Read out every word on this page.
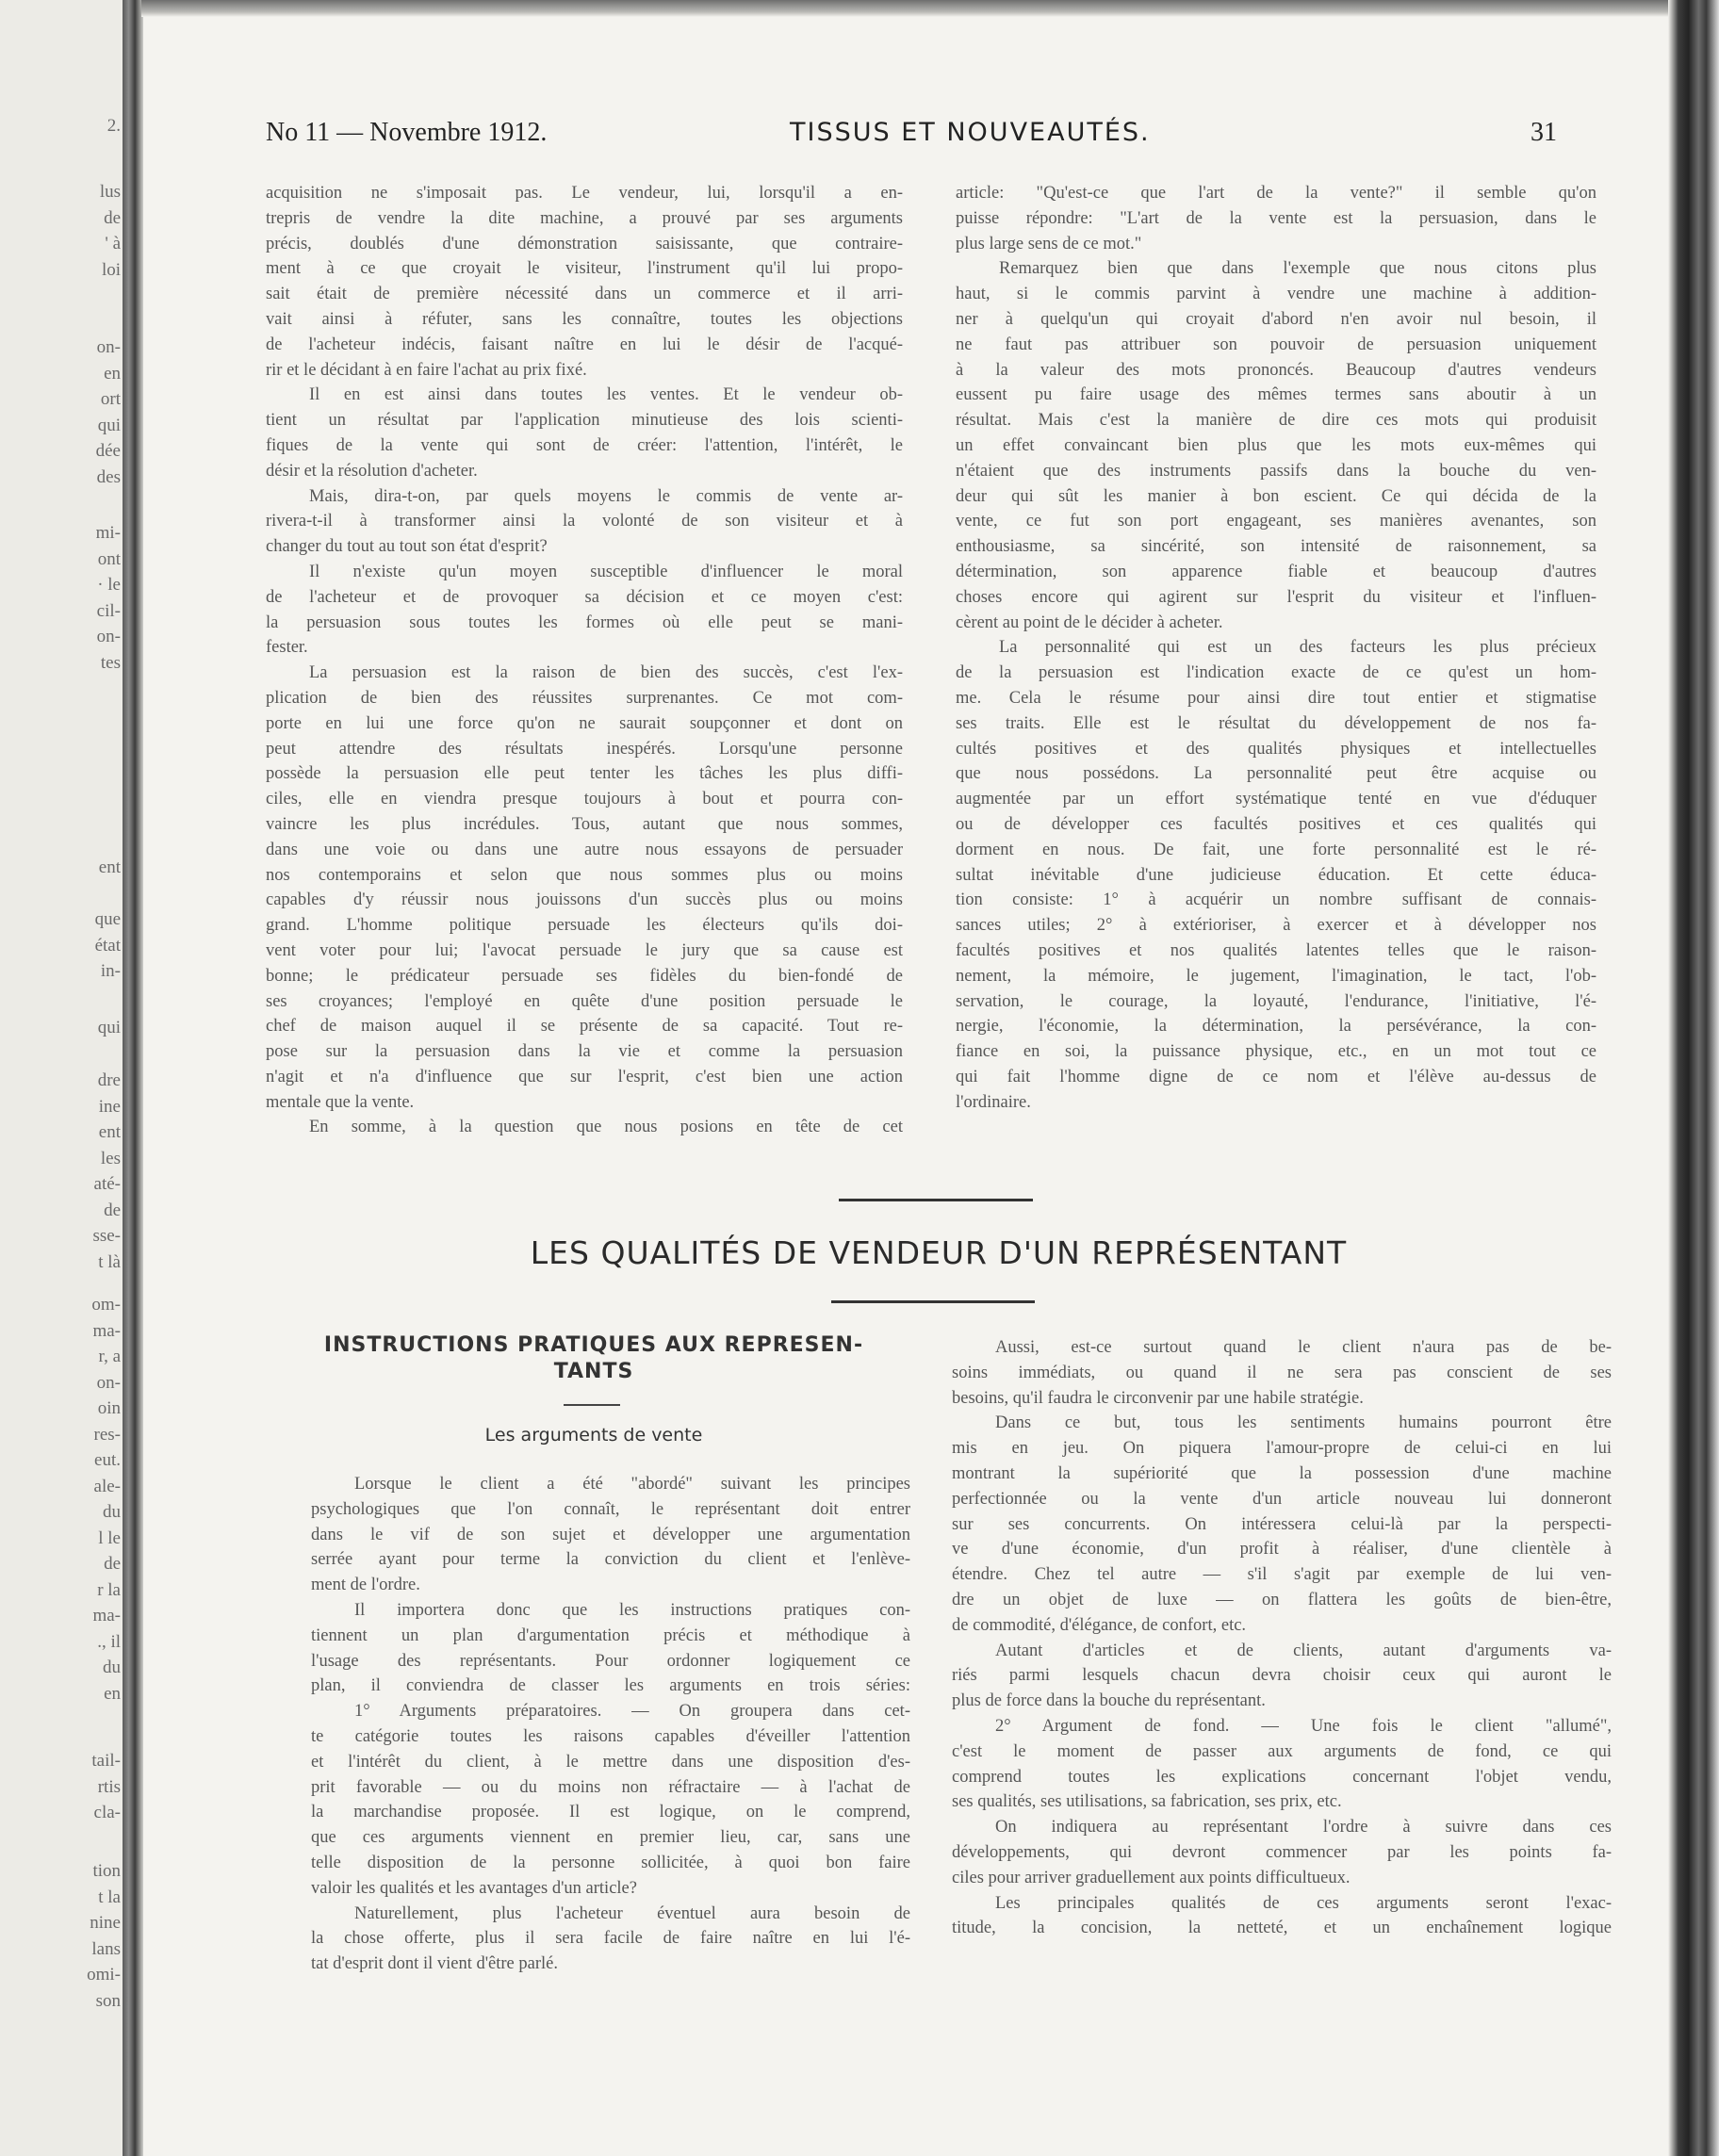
2.
lus
de
' à
loi
on-
en
ort
qui
dée
des
mi-
ont
· le
cil-
on-
tes
ent
que
état
in-
qui
dre
ine
ent
les
até-
de
sse-
t là
om-
ma-
r, a
on-
oin
res-
eut.
ale-
du
l le
de
r la
ma-
., il
du
en
tail-
rtis
cla-
tion
t la
nine
lans
omi-
son
No 11 — Novembre 1912.	TISSUS ET NOUVEAUTÉS.	31
acquisition ne s'imposait pas. Le vendeur, lui, lorsqu'il a en-
trepris de vendre la dite machine, a prouvé par ses arguments
précis, doublés d'une démonstration saisissante, que contraire-
ment à ce que croyait le visiteur, l'instrument qu'il lui propo-
sait était de première nécessité dans un commerce et il arri-
vait ainsi à réfuter, sans les connaître, toutes les objections
de l'acheteur indécis, faisant naître en lui le désir de l'acqué-
rir et le décidant à en faire l'achat au prix fixé.
Il en est ainsi dans toutes les ventes. Et le vendeur ob-
tient un résultat par l'application minutieuse des lois scienti-
fiques de la vente qui sont de créer: l'attention, l'intérêt, le
désir et la résolution d'acheter.
Mais, dira-t-on, par quels moyens le commis de vente ar-
rivera-t-il à transformer ainsi la volonté de son visiteur et à
changer du tout au tout son état d'esprit?
Il n'existe qu'un moyen susceptible d'influencer le moral
de l'acheteur et de provoquer sa décision et ce moyen c'est:
la persuasion sous toutes les formes où elle peut se mani-
fester.
La persuasion est la raison de bien des succès, c'est l'ex-
plication de bien des réussites surprenantes. Ce mot com-
porte en lui une force qu'on ne saurait soupçonner et dont on
peut attendre des résultats inespérés. Lorsqu'une personne
possède la persuasion elle peut tenter les tâches les plus diffi-
ciles, elle en viendra presque toujours à bout et pourra con-
vaincre les plus incrédules. Tous, autant que nous sommes,
dans une voie ou dans une autre nous essayons de persuader
nos contemporains et selon que nous sommes plus ou moins
capables d'y réussir nous jouissons d'un succès plus ou moins
grand. L'homme politique persuade les électeurs qu'ils doi-
vent voter pour lui; l'avocat persuade le jury que sa cause est
bonne; le prédicateur persuade ses fidèles du bien-fondé de
ses croyances; l'employé en quête d'une position persuade le
chef de maison auquel il se présente de sa capacité. Tout re-
pose sur la persuasion dans la vie et comme la persuasion
n'agit et n'a d'influence que sur l'esprit, c'est bien une action
mentale que la vente.
En somme, à la question que nous posions en tête de cet
article: "Qu'est-ce que l'art de la vente?" il semble qu'on
puisse répondre: "L'art de la vente est la persuasion, dans le
plus large sens de ce mot."
Remarquez bien que dans l'exemple que nous citons plus
haut, si le commis parvint à vendre une machine à addition-
ner à quelqu'un qui croyait d'abord n'en avoir nul besoin, il
ne faut pas attribuer son pouvoir de persuasion uniquement
à la valeur des mots prononcés. Beaucoup d'autres vendeurs
eussent pu faire usage des mêmes termes sans aboutir à un
résultat. Mais c'est la manière de dire ces mots qui produisit
un effet convaincant bien plus que les mots eux-mêmes qui
n'étaient que des instruments passifs dans la bouche du ven-
deur qui sût les manier à bon escient. Ce qui décida de la
vente, ce fut son port engageant, ses manières avenantes, son
enthousiasme, sa sincérité, son intensité de raisonnement, sa
détermination, son apparence fiable et beaucoup d'autres
choses encore qui agirent sur l'esprit du visiteur et l'influen-
cèrent au point de le décider à acheter.
La personnalité qui est un des facteurs les plus précieux
de la persuasion est l'indication exacte de ce qu'est un hom-
me. Cela le résume pour ainsi dire tout entier et stigmatise
ses traits. Elle est le résultat du développement de nos fa-
cultés positives et des qualités physiques et intellectuelles
que nous possédons. La personnalité peut être acquise ou
augmentée par un effort systématique tenté en vue d'éduquer
ou de développer ces facultés positives et ces qualités qui
dorment en nous. De fait, une forte personnalité est le ré-
sultat inévitable d'une judicieuse éducation. Et cette éduca-
tion consiste: 1° à acquérir un nombre suffisant de connais-
sances utiles; 2° à extérioriser, à exercer et à développer nos
facultés positives et nos qualités latentes telles que le raison-
nement, la mémoire, le jugement, l'imagination, le tact, l'ob-
servation, le courage, la loyauté, l'endurance, l'initiative, l'é-
nergie, l'économie, la détermination, la persévérance, la con-
fiance en soi, la puissance physique, etc., en un mot tout ce
qui fait l'homme digne de ce nom et l'élève au-dessus de
l'ordinaire.
LES QUALITÉS DE VENDEUR D'UN REPRÉSENTANT
INSTRUCTIONS PRATIQUES AUX REPRESEN-
TANTS
Les arguments de vente
Lorsque le client a été "abordé" suivant les principes
psychologiques que l'on connaît, le représentant doit entrer
dans le vif de son sujet et développer une argumentation
serrée ayant pour terme la conviction du client et l'enlève-
ment de l'ordre.
Il importera donc que les instructions pratiques con-
tiennent un plan d'argumentation précis et méthodique à
l'usage des représentants. Pour ordonner logiquement ce
plan, il conviendra de classer les arguments en trois séries:
1° Arguments préparatoires. — On groupera dans cet-
te catégorie toutes les raisons capables d'éveiller l'attention
et l'intérêt du client, à le mettre dans une disposition d'es-
prit favorable — ou du moins non réfractaire — à l'achat de
la marchandise proposée. Il est logique, on le comprend,
que ces arguments viennent en premier lieu, car, sans une
telle disposition de la personne sollicitée, à quoi bon faire
valoir les qualités et les avantages d'un article?
Naturellement, plus l'acheteur éventuel aura besoin de
la chose offerte, plus il sera facile de faire naître en lui l'é-
tat d'esprit dont il vient d'être parlé.
Aussi, est-ce surtout quand le client n'aura pas de be-
soins immédiats, ou quand il ne sera pas conscient de ses
besoins, qu'il faudra le circonvenir par une habile stratégie.
Dans ce but, tous les sentiments humains pourront être
mis en jeu. On piquera l'amour-propre de celui-ci en lui
montrant la supériorité que la possession d'une machine
perfectionnée ou la vente d'un article nouveau lui donneront
sur ses concurrents. On intéressera celui-là par la perspecti-
ve d'une économie, d'un profit à réaliser, d'une clientèle à
étendre. Chez tel autre — s'il s'agit par exemple de lui ven-
dre un objet de luxe — on flattera les goûts de bien-être,
de commodité, d'élégance, de confort, etc.
Autant d'articles et de clients, autant d'arguments va-
riés parmi lesquels chacun devra choisir ceux qui auront le
plus de force dans la bouche du représentant.
2° Argument de fond. — Une fois le client "allumé",
c'est le moment de passer aux arguments de fond, ce qui
comprend toutes les explications concernant l'objet vendu,
ses qualités, ses utilisations, sa fabrication, ses prix, etc.
On indiquera au représentant l'ordre à suivre dans ces
développements, qui devront commencer par les points fa-
ciles pour arriver graduellement aux points difficultueux.
Les principales qualités de ces arguments seront l'exac-
titude, la concision, la netteté, et un enchaînement logique
